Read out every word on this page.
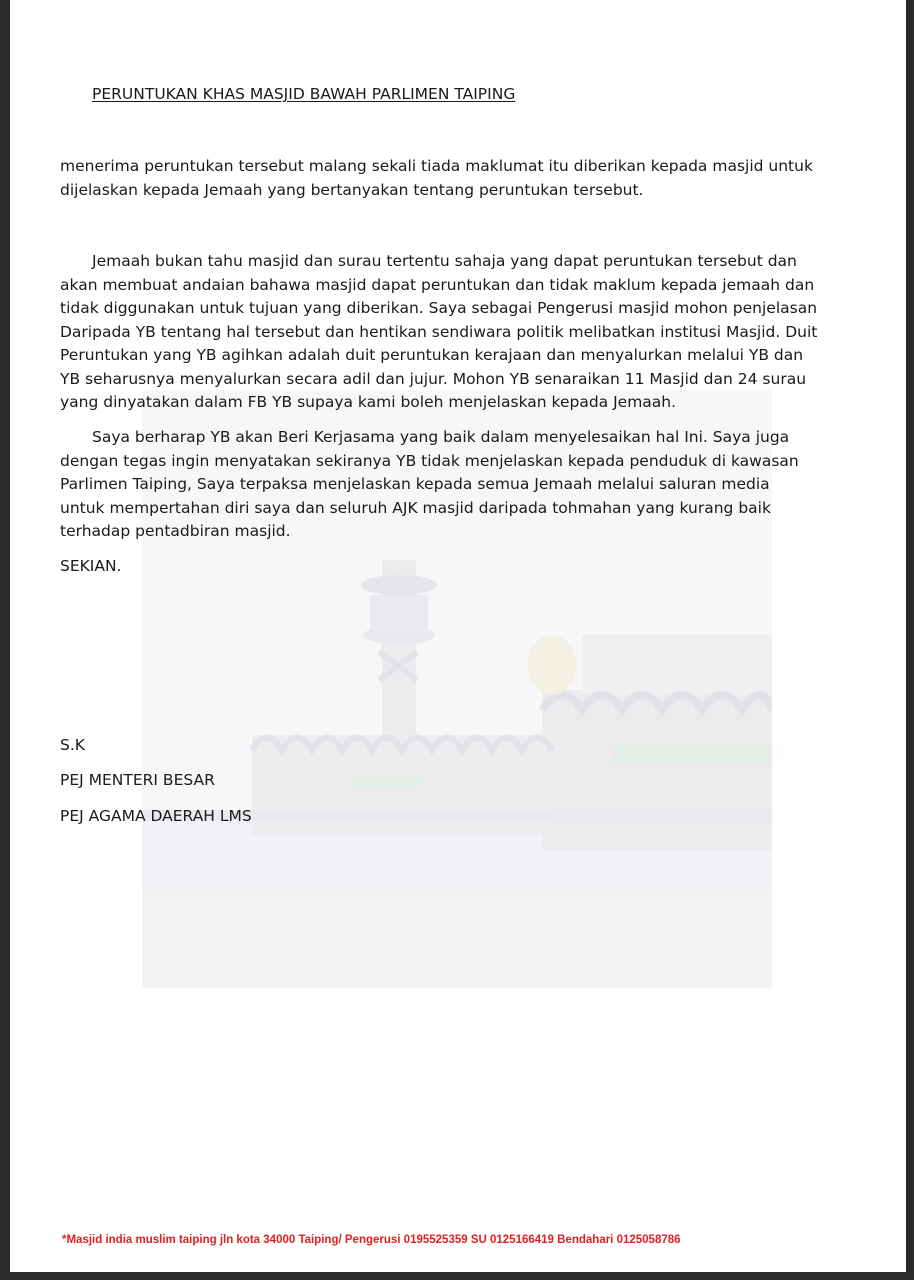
PERUNTUKAN KHAS MASJID BAWAH PARLIMEN TAIPING

menerima peruntukan tersebut malang sekali tiada maklumat itu diberikan kepada masjid untuk
dijelaskan kepada Jemaah yang bertanyakan tentang peruntukan tersebut.

Jemaah bukan tahu masjid dan surau tertentu sahaja yang dapat peruntukan tersebut dan
akan membuat andaian bahawa masjid dapat peruntukan dan tidak maklum kepada jemaah dan
tidak diggunakan untuk tujuan yang diberikan. Saya sebagai Pengerusi masjid mohon penjelasan
Daripada YB tentang hal tersebut dan hentikan sendiwara politik melibatkan institusi Masjid. Duit
Peruntukan yang YB agihkan adalah duit peruntukan kerajaan dan menyalurkan melalui YB dan
YB seharusnya menyalurkan secara adil dan jujur. Mohon YB senaraikan 11 Masjid dan 24 surau
yang dinyatakan dalam FB YB supaya kami boleh menjelaskan kepada Jemaah.

Saya berharap YB akan Beri Kerjasama yang baik dalam menyelesaikan hal Ini. Saya juga
dengan tegas ingin menyatakan sekiranya YB tidak menjelaskan kepada penduduk di kawasan
Parlimen Taiping, Saya terpaksa menjelaskan kepada semua Jemaah melalui saluran media
untuk mempertahan diri saya dan seluruh AJK masjid daripada tohmahan yang kurang baik
terhadap pentadbiran masjid.

SEKIAN.

S.K

PEJ MENTERI BESAR

PEJ AGAMA DAERAH LMS

*Masjid india muslim taiping jln kota 34000 Taiping/ Pengerusi 0195525359 SU 0125166419 Bendahari 0125058786
